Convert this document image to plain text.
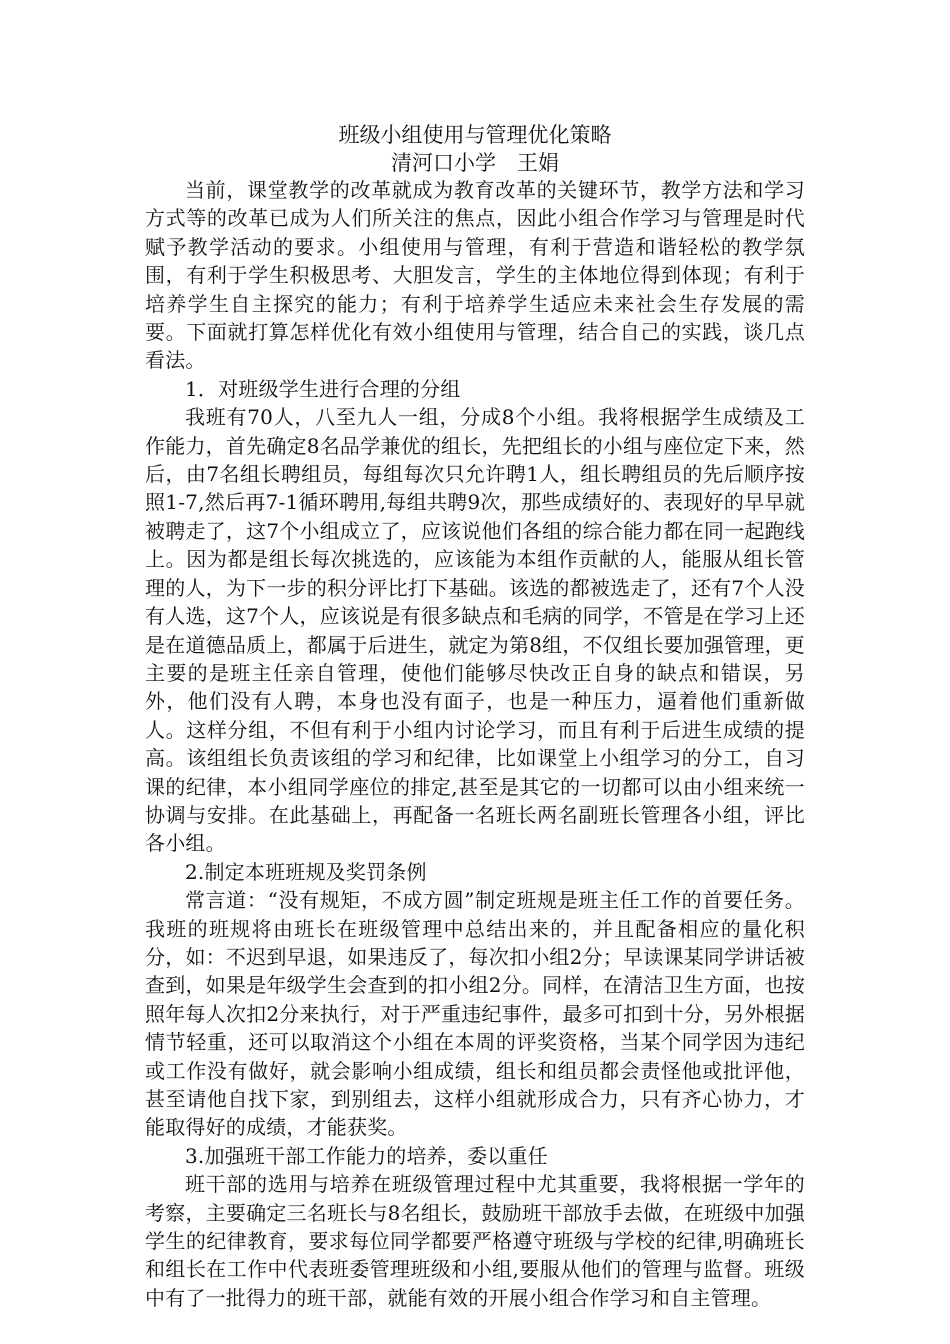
班级小组使用与管理优化策略
清河口小学　王娟

当前，课堂教学的改革就成为教育改革的关键环节，教学方法和学习方式等的改革已成为人们所关注的焦点，因此小组合作学习与管理是时代赋予教学活动的要求。小组使用与管理，有利于营造和谐轻松的教学氛围，有利于学生积极思考、大胆发言，学生的主体地位得到体现；有利于培养学生自主探究的能力；有利于培养学生适应未来社会生存发展的需要。下面就打算怎样优化有效小组使用与管理，结合自己的实践，谈几点看法。

1．对班级学生进行合理的分组

我班有70人，八至九人一组，分成8个小组。我将根据学生成绩及工作能力，首先确定8名品学兼优的组长，先把组长的小组与座位定下来，然后，由7名组长聘组员，每组每次只允许聘1人，组长聘组员的先后顺序按照1-7,然后再7-1循环聘用,每组共聘9次，那些成绩好的、表现好的早早就被聘走了，这7个小组成立了，应该说他们各组的综合能力都在同一起跑线上。因为都是组长每次挑选的，应该能为本组作贡献的人，能服从组长管理的人，为下一步的积分评比打下基础。该选的都被选走了，还有7个人没有人选，这7个人，应该说是有很多缺点和毛病的同学，不管是在学习上还是在道德品质上，都属于后进生，就定为第8组，不仅组长要加强管理，更主要的是班主任亲自管理，使他们能够尽快改正自身的缺点和错误，另外，他们没有人聘，本身也没有面子，也是一种压力，逼着他们重新做人。这样分组，不但有利于小组内讨论学习，而且有利于后进生成绩的提高。该组组长负责该组的学习和纪律，比如课堂上小组学习的分工，自习课的纪律，本小组同学座位的排定,甚至是其它的一切都可以由小组来统一协调与安排。在此基础上，再配备一名班长两名副班长管理各小组，评比各小组。

2.制定本班班规及奖罚条例

常言道：“没有规矩，不成方圆”制定班规是班主任工作的首要任务。我班的班规将由班长在班级管理中总结出来的，并且配备相应的量化积分，如：不迟到早退，如果违反了，每次扣小组2分；早读课某同学讲话被查到，如果是年级学生会查到的扣小组2分。同样，在清洁卫生方面，也按照年每人次扣2分来执行，对于严重违纪事件，最多可扣到十分，另外根据情节轻重，还可以取消这个小组在本周的评奖资格，当某个同学因为违纪或工作没有做好，就会影响小组成绩，组长和组员都会责怪他或批评他，甚至请他自找下家，到别组去，这样小组就形成合力，只有齐心协力，才能取得好的成绩，才能获奖。

3.加强班干部工作能力的培养，委以重任

班干部的选用与培养在班级管理过程中尤其重要，我将根据一学年的考察，主要确定三名班长与8名组长，鼓励班干部放手去做，在班级中加强学生的纪律教育，要求每位同学都要严格遵守班级与学校的纪律,明确班长和组长在工作中代表班委管理班级和小组,要服从他们的管理与监督。班级中有了一批得力的班干部，就能有效的开展小组合作学习和自主管理。
